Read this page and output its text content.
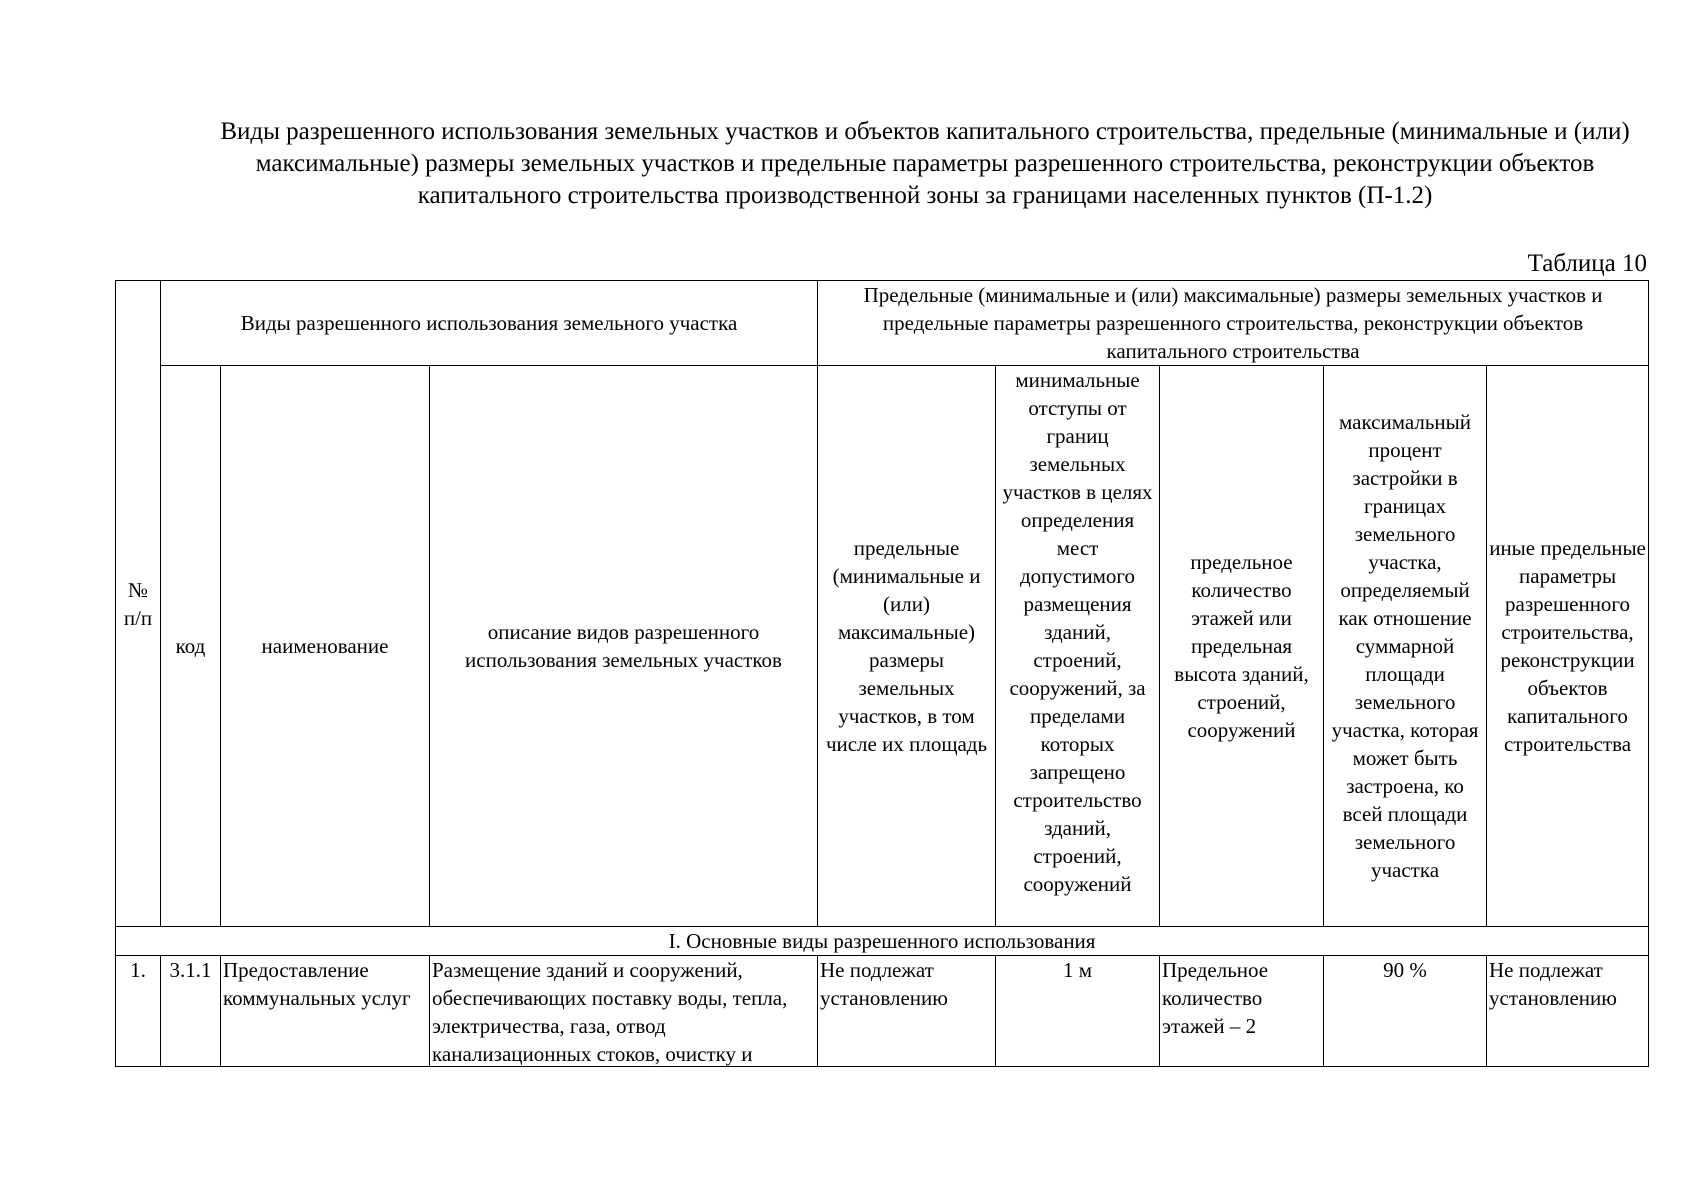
Виды разрешенного использования земельных участков и объектов капитального строительства, предельные (минимальные и (или) максимальные) размеры земельных участков и предельные параметры разрешенного строительства, реконструкции объектов капитального строительства производственной зоны за границами населенных пунктов (П-1.2)
Таблица 10
№ п/п	Виды разрешенного использования земельного участка			Предельные (минимальные и (или) максимальные) размеры земельных участков и предельные параметры разрешенного строительства, реконструкции объектов капитального строительства				
	код	наименование	описание видов разрешенного использования земельных участков	предельные (минимальные и (или) максимальные) размеры земельных участков, в том числе их площадь	минимальные отступы от границ земельных участков в целях определения мест допустимого размещения зданий, строений, сооружений, за пределами которых запрещено строительство зданий, строений, сооружений	предельное количество этажей или предельная высота зданий, строений, сооружений	максимальный процент застройки в границах земельного участка, определяемый как отношение суммарной площади земельного участка, которая может быть застроена, ко всей площади земельного участка	иные предельные параметры разрешенного строительства, реконструкции объектов капитального строительства
I. Основные виды разрешенного использования								
1.	3.1.1	Предоставление коммунальных услуг	Размещение зданий и сооружений, обеспечивающих поставку воды, тепла, электричества, газа, отвод канализационных стоков, очистку и	Не подлежат установлению	1 м	Предельное количество этажей – 2	90 %	Не подлежат установлению
